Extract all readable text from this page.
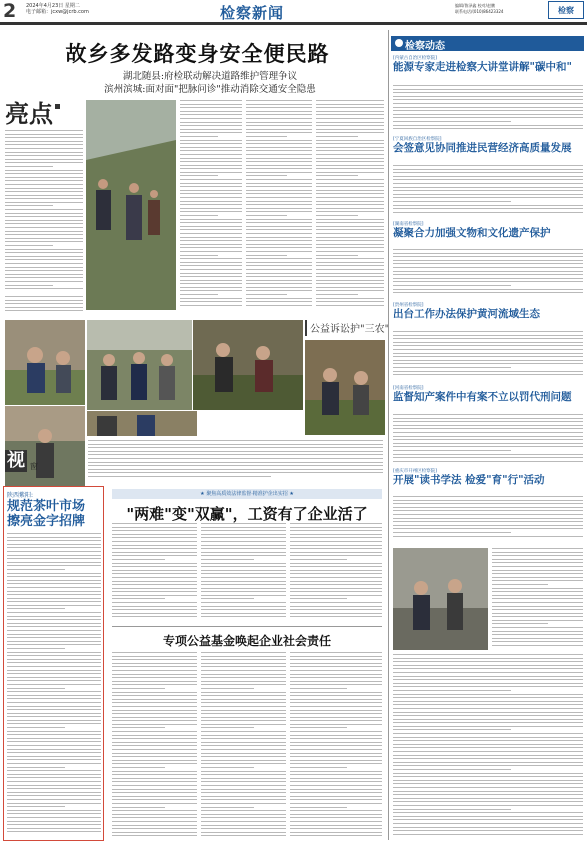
2 2024年4月23日 星期二
电子邮箱：jcxw@jcrb.com	检察新闻	编辑/鲁泽鑫 校对/赵鹏
联系电话/(010)86423324	检察
故乡多发路变身安全便民路
湖北随县:府检联动解决道路维护管理争议
滨州滨城:面对面"把脉问诊"推动消除交通安全隐患
亮点
公益诉讼护"三农"
视 窗
陕西紫阳:
规范茶叶市场
擦亮金字招牌
★ 聚焦高质效法律监督·精准护企出实招 ★
"两难"变"双赢"，工资有了企业活了
专项公益基金唤起企业社会责任
检察动态
[内蒙古自治区检察院]
能源专家走进检察大讲堂讲解"碳中和"
[宁夏回族自治区检察院]
会签意见协同推进民营经济高质量发展
[湖南省检察院]
凝聚合力加强文物和文化遗产保护
[贵州省检察院]
出台工作办法保护黄河流域生态
[河南省检察院]
监督知产案件中有案不立以罚代刑问题
[重庆市开州区检察院]
开展"读书学法 检爱"育"行"活动
